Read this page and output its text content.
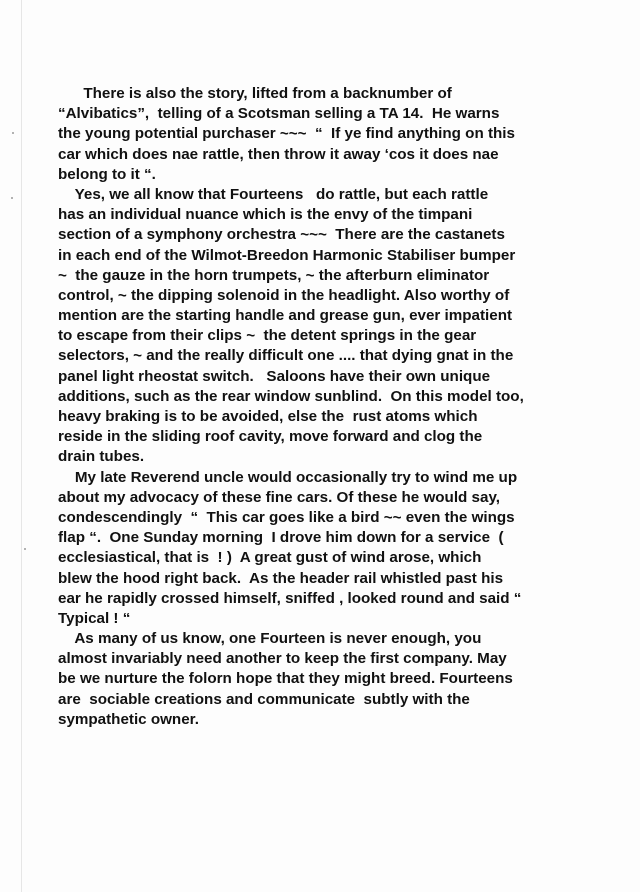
There is also the story, lifted from a backnumber of
“Alvibatics”,  telling of a Scotsman selling a TA 14.  He warns
the young potential purchaser ~~~  “  If ye find anything on this
car which does nae rattle, then throw it away ‘cos it does nae
belong to it “.
Yes, we all know that Fourteens   do rattle, but each rattle
has an individual nuance which is the envy of the timpani
section of a symphony orchestra ~~~  There are the castanets
in each end of the Wilmot-Breedon Harmonic Stabiliser bumper
~  the gauze in the horn trumpets, ~ the afterburn eliminator
control, ~ the dipping solenoid in the headlight. Also worthy of
mention are the starting handle and grease gun, ever impatient
to escape from their clips ~  the detent springs in the gear
selectors, ~ and the really difficult one .... that dying gnat in the
panel light rheostat switch.   Saloons have their own unique
additions, such as the rear window sunblind.  On this model too,
heavy braking is to be avoided, else the  rust atoms which
reside in the sliding roof cavity, move forward and clog the
drain tubes.
My late Reverend uncle would occasionally try to wind me up
about my advocacy of these fine cars. Of these he would say,
condescendingly  “  This car goes like a bird ~~ even the wings
flap “.  One Sunday morning  I drove him down for a service  (
ecclesiastical, that is  ! )  A great gust of wind arose, which
blew the hood right back.  As the header rail whistled past his
ear he rapidly crossed himself, sniffed , looked round and said “
Typical ! “
As many of us know, one Fourteen is never enough, you
almost invariably need another to keep the first company. May
be we nurture the folorn hope that they might breed. Fourteens
are  sociable creations and communicate  subtly with the
sympathetic owner.
